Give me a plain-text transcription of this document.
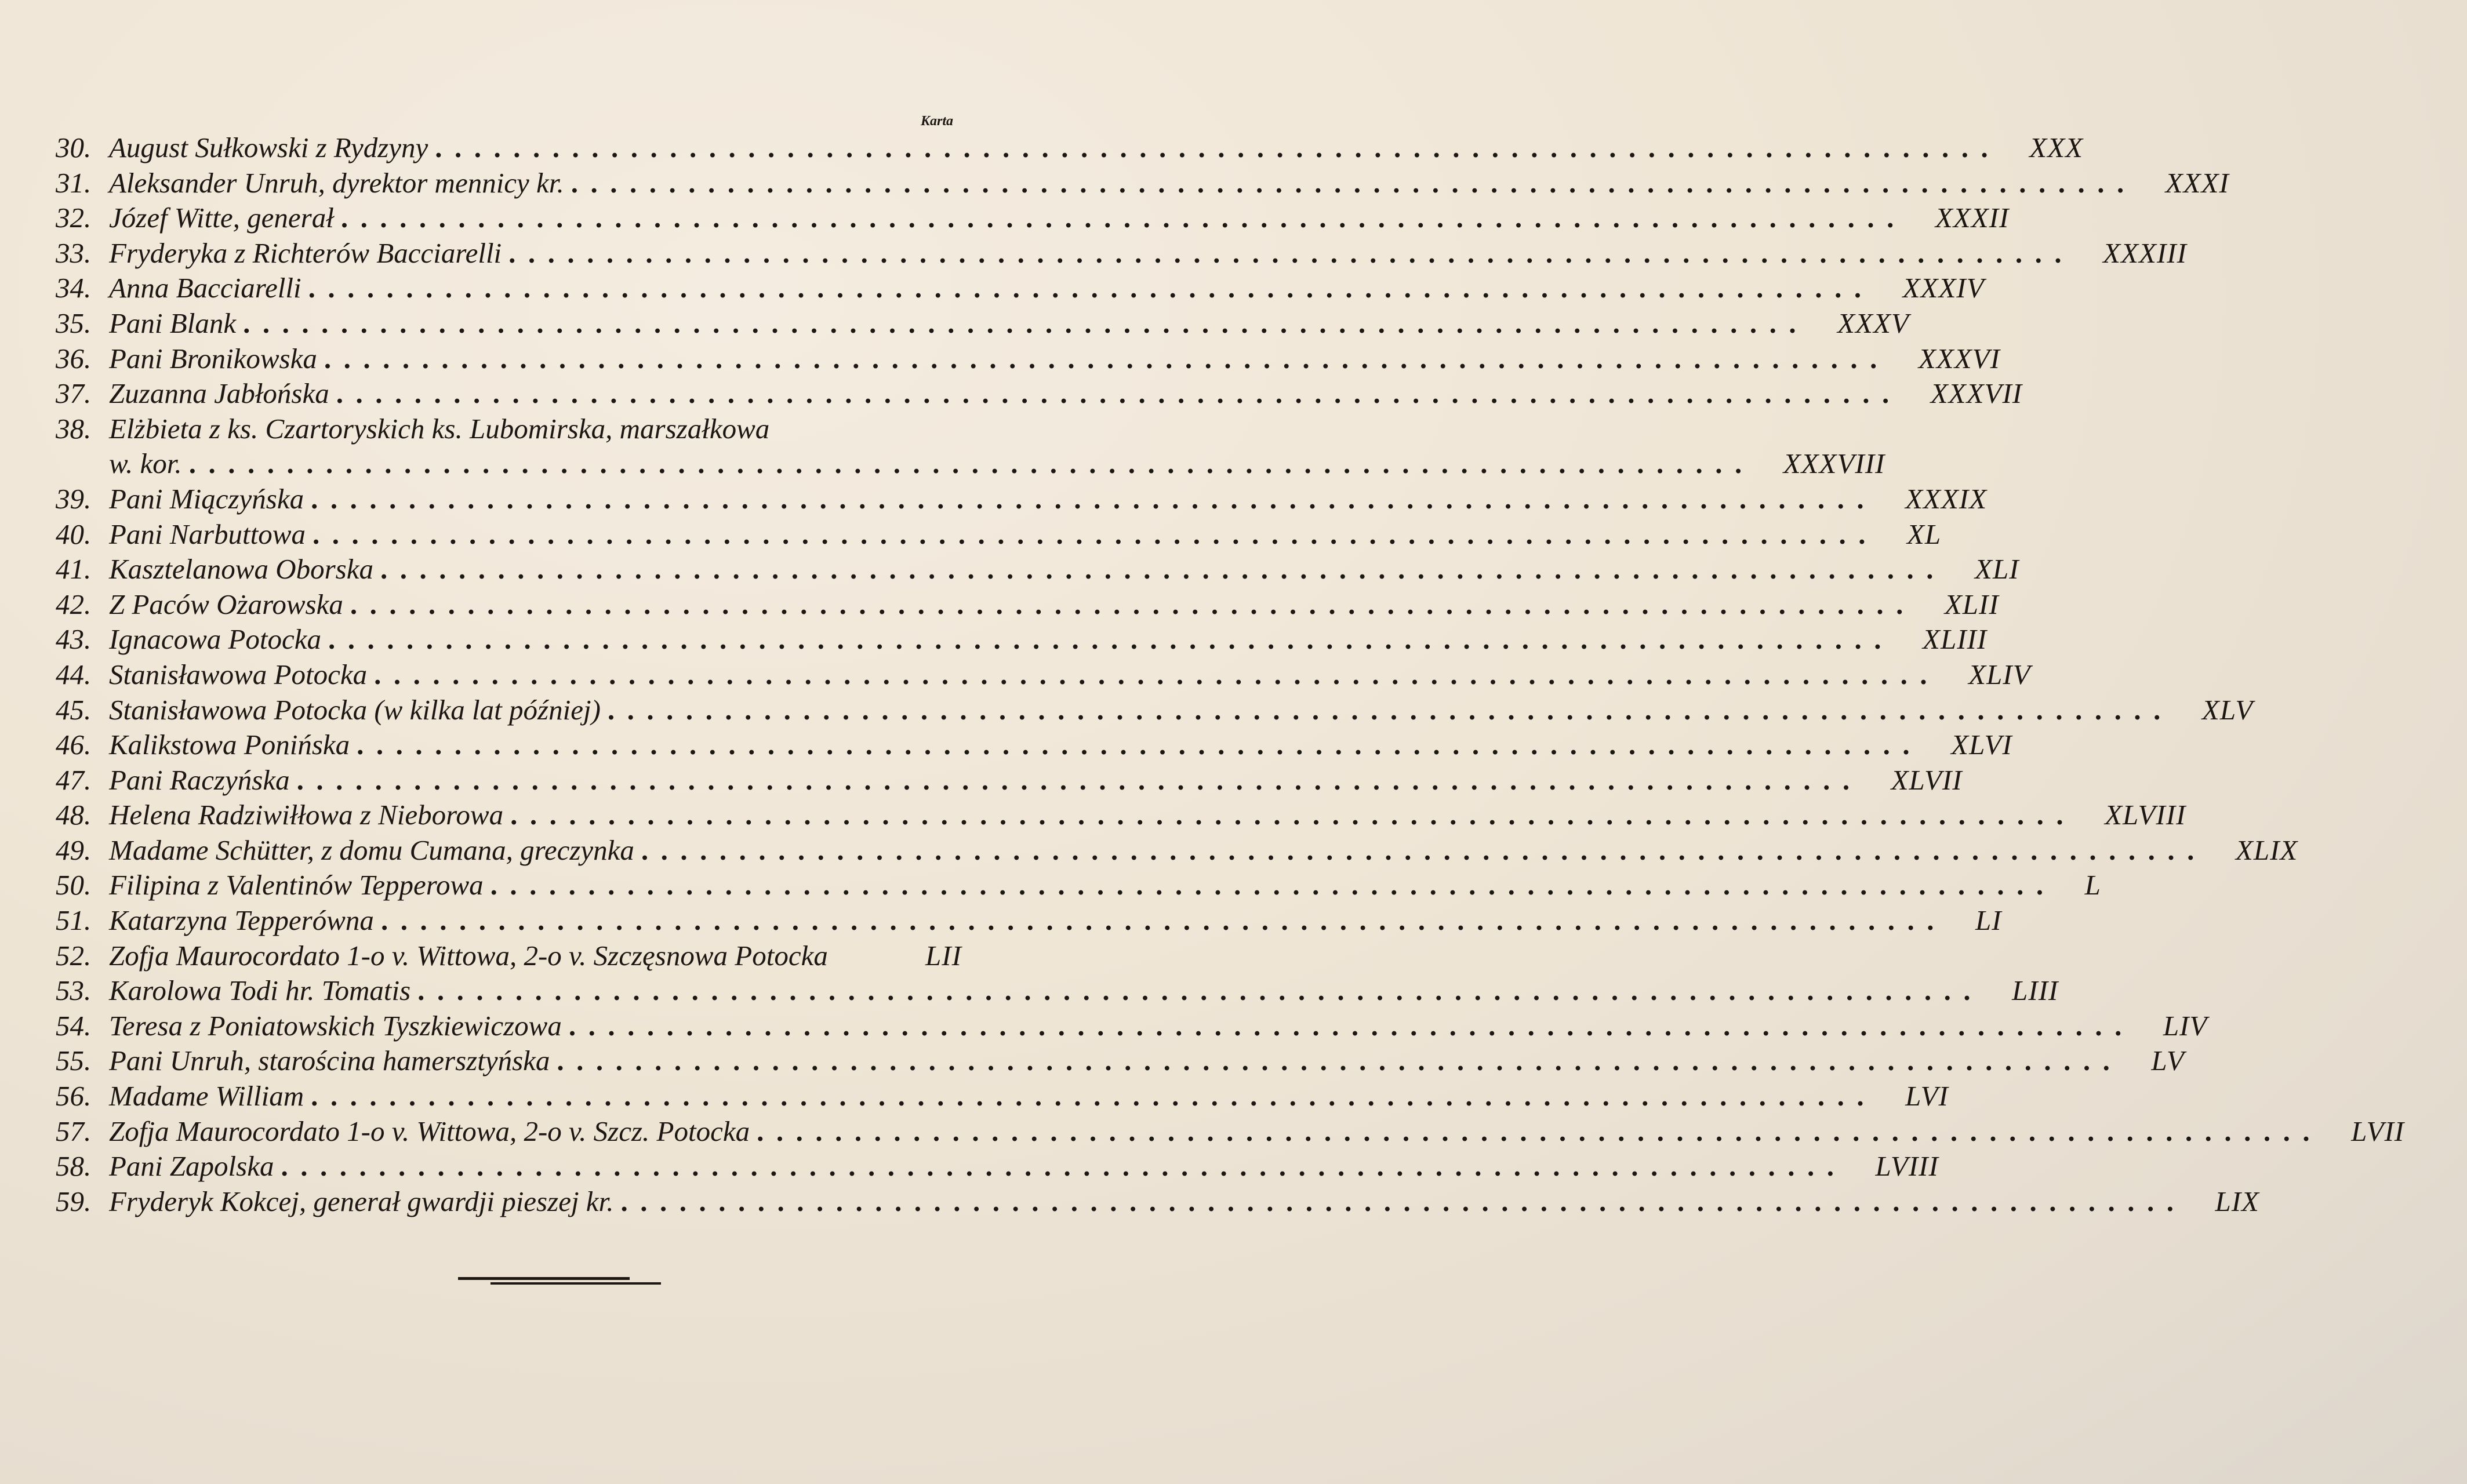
Karta
30. August Sułkowski z Rydzyny ................................................................................	XXX
31. Aleksander Unruh, dyrektor mennicy kr. ................................................................................	XXXI
32. Józef Witte, generał ................................................................................	XXXII
33. Fryderyka z Richterów Bacciarelli ................................................................................	XXXIII
34. Anna Bacciarelli ................................................................................	XXXIV
35. Pani Blank ................................................................................	XXXV
36. Pani Bronikowska ................................................................................	XXXVI
37. Zuzanna Jabłońska ................................................................................	XXXVII
38. Elżbieta z ks. Czartoryskich ks. Lubomirska, marszałkowa
w. kor. ................................................................................	XXXVIII
39. Pani Miączyńska ................................................................................	XXXIX
40. Pani Narbuttowa ................................................................................	XL
41. Kasztelanowa Oborska ................................................................................	XLI
42. Z Paców Ożarowska ................................................................................	XLII
43. Ignacowa Potocka ................................................................................	XLIII
44. Stanisławowa Potocka ................................................................................	XLIV
45. Stanisławowa Potocka (w kilka lat później) ................................................................................	XLV
46. Kalikstowa Ponińska ................................................................................	XLVI
47. Pani Raczyńska ................................................................................	XLVII
48. Helena Radziwiłłowa z Nieborowa ................................................................................	XLVIII
49. Madame Schütter, z domu Cumana, greczynka ................................................................................	XLIX
50. Filipina z Valentinów Tepperowa ................................................................................	L
51. Katarzyna Tepperówna ................................................................................	LI
52. Zofja Maurocordato 1-o v. Wittowa, 2-o v. Szczęsnowa Potocka	LII
53. Karolowa Todi hr. Tomatis ................................................................................	LIII
54. Teresa z Poniatowskich Tyszkiewiczowa ................................................................................	LIV
55. Pani Unruh, starościna hamersztyńska ................................................................................	LV
56. Madame William ................................................................................	LVI
57. Zofja Maurocordato 1-o v. Wittowa, 2-o v. Szcz. Potocka ................................................................................	LVII
58. Pani Zapolska ................................................................................	LVIII
59. Fryderyk Kokcej, generał gwardji pieszej kr. ................................................................................	LIX
